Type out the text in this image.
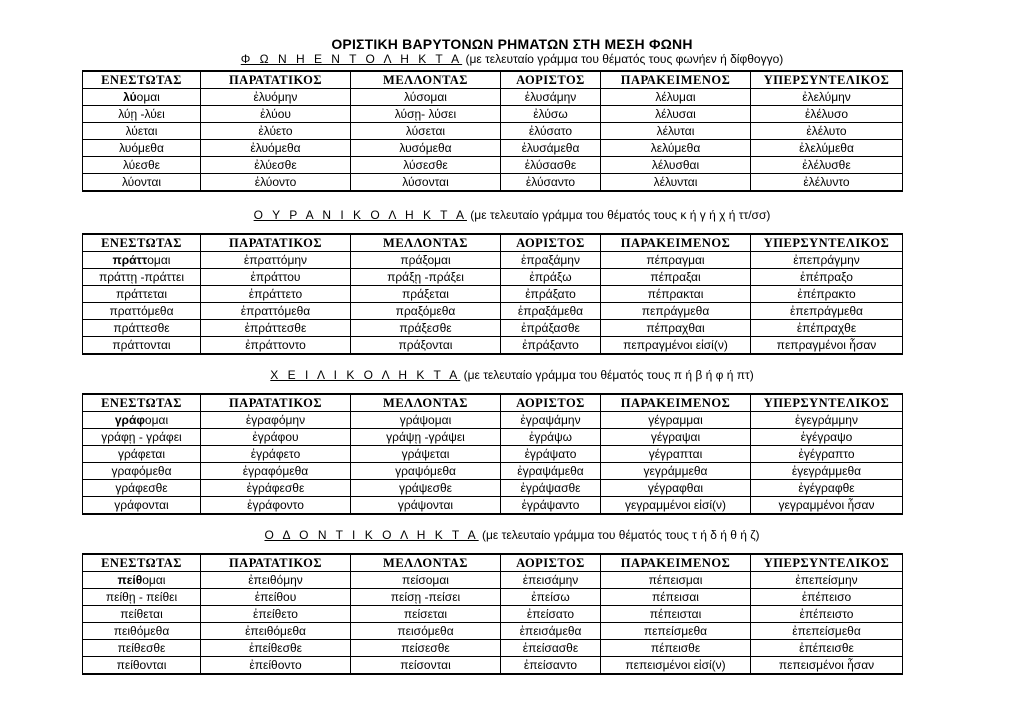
ΟΡΙΣΤΙΚΗ ΒΑΡΥΤΟΝΩΝ ΡΗΜΑΤΩΝ ΣΤΗ ΜΕΣΗ ΦΩΝΗ
Φ Ω Ν Η Ε Ν Τ Ο Λ Η Κ Τ Α (με τελευταίο γράμμα του θέματός τους φωνήεν ή δίφθογγο)
ΕΝΕΣΤΩΤΑΣ	ΠΑΡΑΤΑΤΙΚΟΣ	ΜΕΛΛΟΝΤΑΣ	ΑΟΡΙΣΤΟΣ	ΠΑΡΑΚΕΙΜΕΝΟΣ	ΥΠΕΡΣΥΝΤΕΛΙΚΟΣ
λύομαι	ἐλυόμην	λύσομαι	ἐλυσάμην	λέλυμαι	ἐλελύμην
λύῃ -λύει	ἐλύου	λύσῃ- λύσει	ἐλύσω	λέλυσαι	ἐλέλυσο
λύεται	ἐλύετο	λύσεται	ἐλύσατο	λέλυται	ἐλέλυτο
λυόμεθα	ἐλυόμεθα	λυσόμεθα	ἐλυσάμεθα	λελύμεθα	ἐλελύμεθα
λύεσθε	ἐλύεσθε	λύσεσθε	ἐλύσασθε	λέλυσθαι	ἐλέλυσθε
λύονται	ἐλύοντο	λύσονται	ἐλύσαντο	λέλυνται	ἐλέλυντο
Ο Υ Ρ Α Ν Ι Κ Ο Λ Η Κ Τ Α (με τελευταίο γράμμα του θέματός τους κ ή γ ή χ ή ττ/σσ)
ΕΝΕΣΤΩΤΑΣ	ΠΑΡΑΤΑΤΙΚΟΣ	ΜΕΛΛΟΝΤΑΣ	ΑΟΡΙΣΤΟΣ	ΠΑΡΑΚΕΙΜΕΝΟΣ	ΥΠΕΡΣΥΝΤΕΛΙΚΟΣ
πράττομαι	ἐπραττόμην	πράξομαι	ἐπραξάμην	πέπραγμαι	ἐπεπράγμην
πράττῃ -πράττει	ἐπράττου	πράξῃ -πράξει	ἐπράξω	πέπραξαι	ἐπέπραξο
πράττεται	ἐπράττετο	πράξεται	ἐπράξατο	πέπρακται	ἐπέπρακτο
πραττόμεθα	ἐπραττόμεθα	πραξόμεθα	ἐπραξάμεθα	πεπράγμεθα	ἐπεπράγμεθα
πράττεσθε	ἐπράττεσθε	πράξεσθε	ἐπράξασθε	πέπραχθαι	ἐπέπραχθε
πράττονται	ἐπράττοντο	πράξονται	ἐπράξαντο	πεπραγμένοι εἰσί(ν)	πεπραγμένοι ἦσαν
Χ Ε Ι Λ Ι Κ Ο Λ Η Κ Τ Α (με τελευταίο γράμμα του θέματός τους π ή β ή φ ή πτ)
ΕΝΕΣΤΩΤΑΣ	ΠΑΡΑΤΑΤΙΚΟΣ	ΜΕΛΛΟΝΤΑΣ	ΑΟΡΙΣΤΟΣ	ΠΑΡΑΚΕΙΜΕΝΟΣ	ΥΠΕΡΣΥΝΤΕΛΙΚΟΣ
γράφομαι	ἐγραφόμην	γράψομαι	ἐγραψάμην	γέγραμμαι	ἐγεγράμμην
γράφῃ - γράφει	ἐγράφου	γράψῃ -γράψει	ἐγράψω	γέγραψαι	ἐγέγραψο
γράφεται	ἐγράφετο	γράψεται	ἐγράψατο	γέγραπται	ἐγέγραπτο
γραφόμεθα	ἐγραφόμεθα	γραψόμεθα	ἐγραψάμεθα	γεγράμμεθα	ἐγεγράμμεθα
γράφεσθε	ἐγράφεσθε	γράψεσθε	ἐγράψασθε	γέγραφθαι	ἐγέγραφθε
γράφονται	ἐγράφοντο	γράψονται	ἐγράψαντο	γεγραμμένοι εἰσί(ν)	γεγραμμένοι ἦσαν
Ο Δ Ο Ν Τ Ι Κ Ο Λ Η Κ Τ Α (με τελευταίο γράμμα του θέματός τους τ ή δ ή θ ή ζ)
ΕΝΕΣΤΩΤΑΣ	ΠΑΡΑΤΑΤΙΚΟΣ	ΜΕΛΛΟΝΤΑΣ	ΑΟΡΙΣΤΟΣ	ΠΑΡΑΚΕΙΜΕΝΟΣ	ΥΠΕΡΣΥΝΤΕΛΙΚΟΣ
πείθομαι	ἐπειθόμην	πείσομαι	ἐπεισάμην	πέπεισμαι	ἐπεπείσμην
πείθῃ - πείθει	ἐπείθου	πείσῃ -πείσει	ἐπείσω	πέπεισαι	ἐπέπεισο
πείθεται	ἐπείθετο	πείσεται	ἐπείσατο	πέπεισται	ἐπέπειστο
πειθόμεθα	ἐπειθόμεθα	πεισόμεθα	ἐπεισάμεθα	πεπείσμεθα	ἐπεπείσμεθα
πείθεσθε	ἐπείθεσθε	πείσεσθε	ἐπείσασθε	πέπεισθε	ἐπέπεισθε
πείθονται	ἐπείθοντο	πείσονται	ἐπείσαντο	πεπεισμένοι εἰσί(ν)	πεπεισμένοι ἦσαν
